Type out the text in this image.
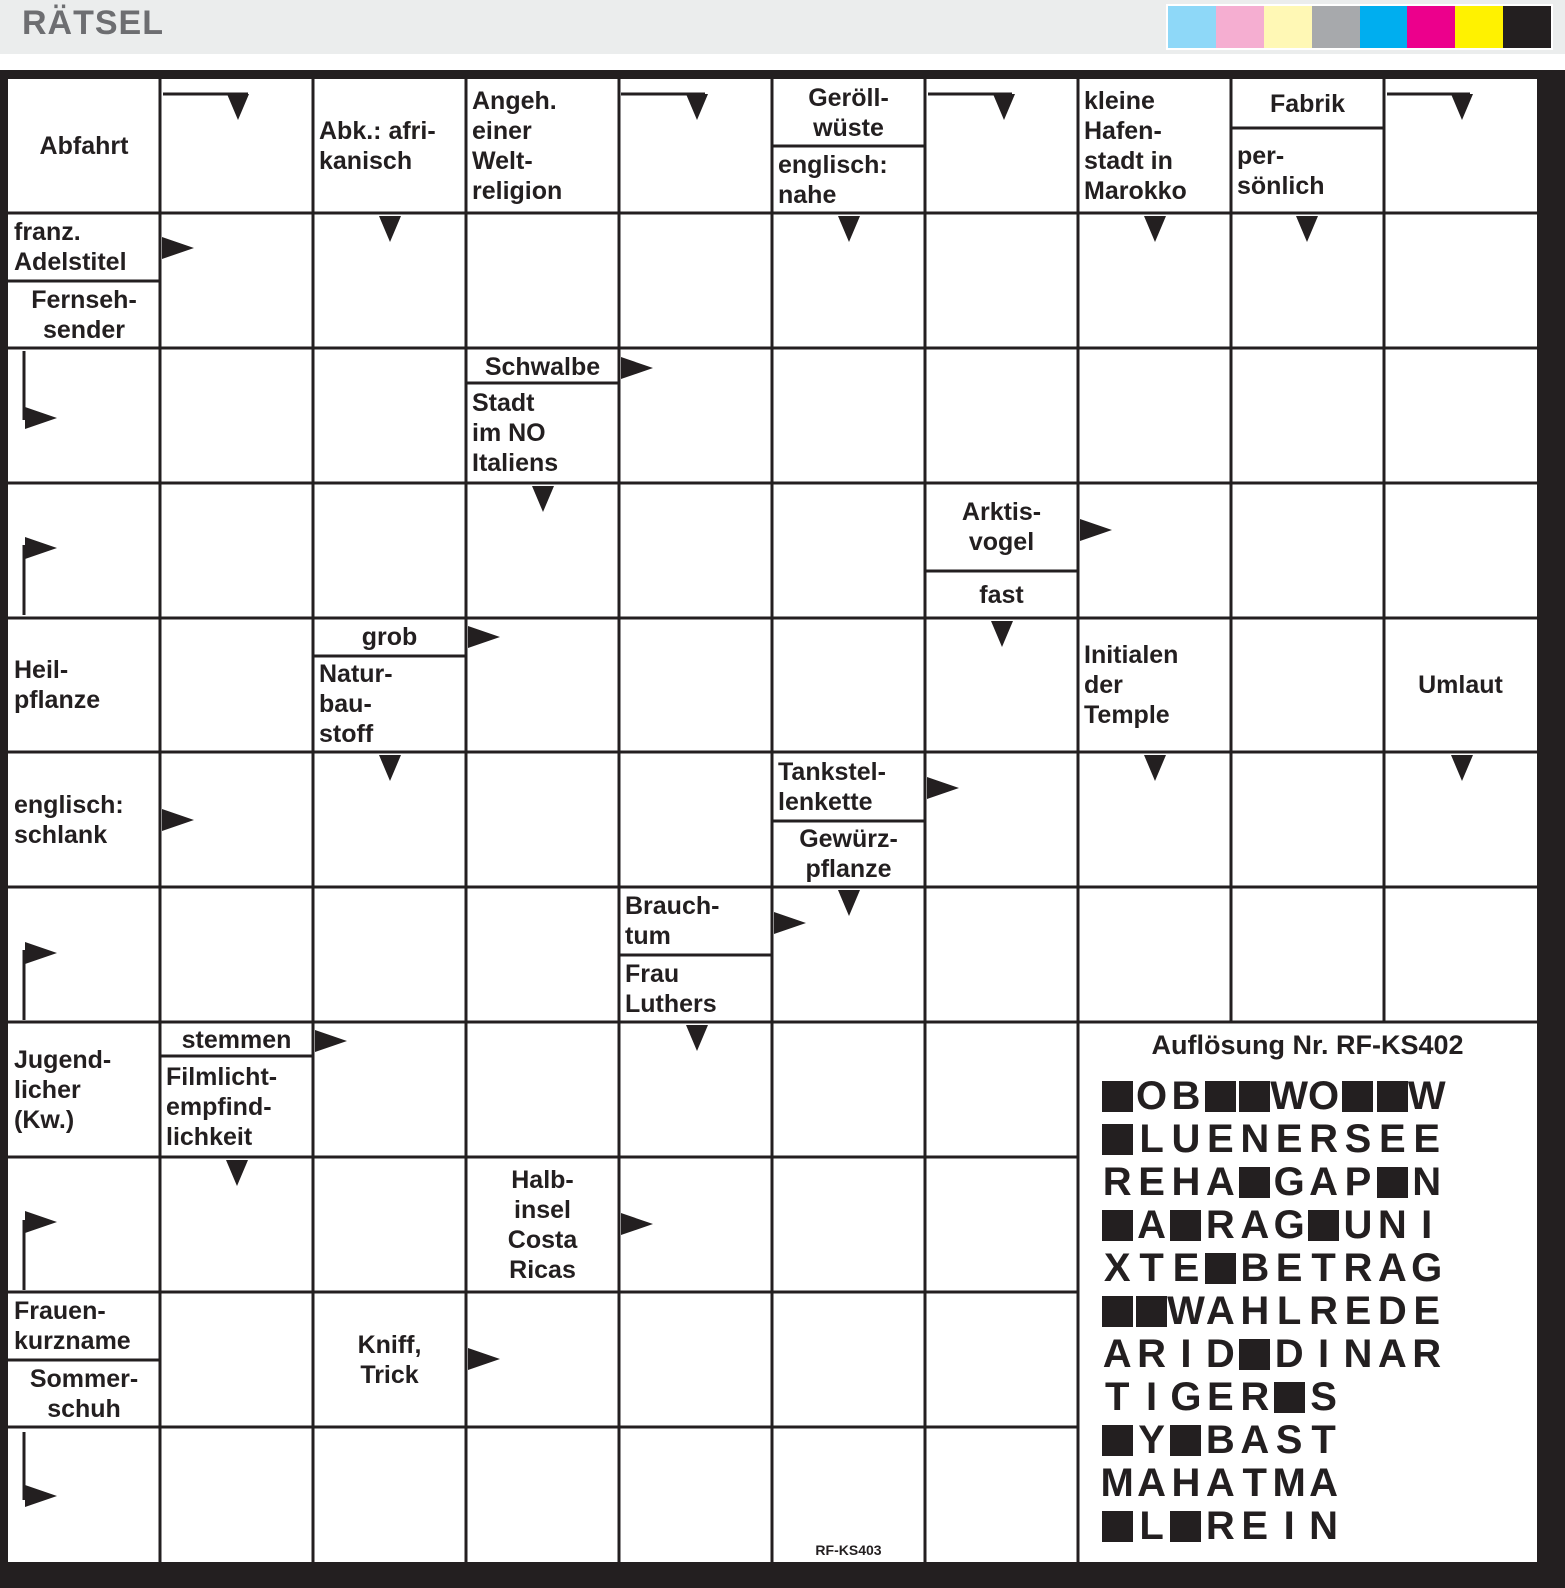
RÄTSEL
Abfahrt
Abk.: afri-
kanisch
Angeh.
einer
Welt-
religion
Geröll-
wüste
englisch:
nahe
kleine
Hafen-
stadt in
Marokko
Fabrik
per-
sönlich
franz.
Adelstitel
Fernseh-
sender
Schwalbe
Stadt
im NO
Italiens
Arktis-
vogel
fast
Heil-
pflanze
grob
Natur-
bau-
stoff
Initialen
der
Temple
Umlaut
englisch:
schlank
Tankstel-
lenkette
Gewürz-
pflanze
Brauch-
tum
Frau
Luthers
Jugend-
licher
(Kw.)
stemmen
Filmlicht-
empfind-
lichkeit
Halb-
insel
Costa
Ricas
Frauen-
kurzname
Sommer-
schuh
Kniff,
Trick
Auflösung Nr. RF-KS402
O B W O W
L U E N E R S E E
R E H A G A P N
A R A G U N I
X T E B E T R A G
W A H L R E D E
A R I D D I N A R
T I G E R S
Y B A S T
M A H A T M A
L R E I N
RF-KS403
